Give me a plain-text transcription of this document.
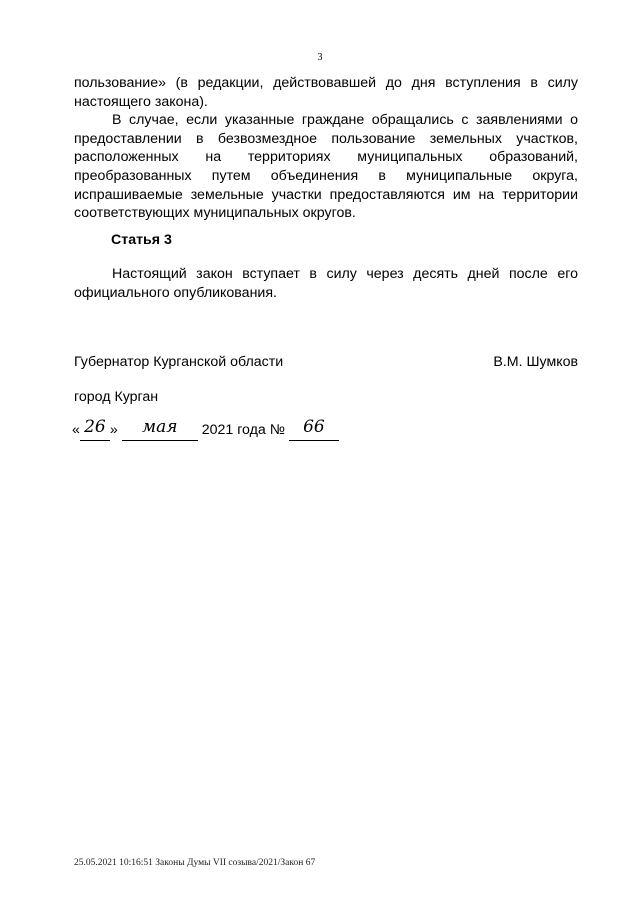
3

пользование» (в редакции, действовавшей до дня вступления в силу настоящего закона).

В случае, если указанные граждане обращались с заявлениями о предоставлении в безвозмездное пользование земельных участков, расположенных на территориях муниципальных образований, преобразованных путем объединения в муниципальные округа, испрашиваемые земельные участки предоставляются им на территории соответствующих муниципальных округов.

Статья 3

Настоящий закон вступает в силу через десять дней после его официального опубликования.

Губернатор Курганской области	В.М. Шумков
город Курган
« 26 » мая 2021 года № 66
25.05.2021 10:16:51 Законы Думы VII созыва/2021/Закон 67
